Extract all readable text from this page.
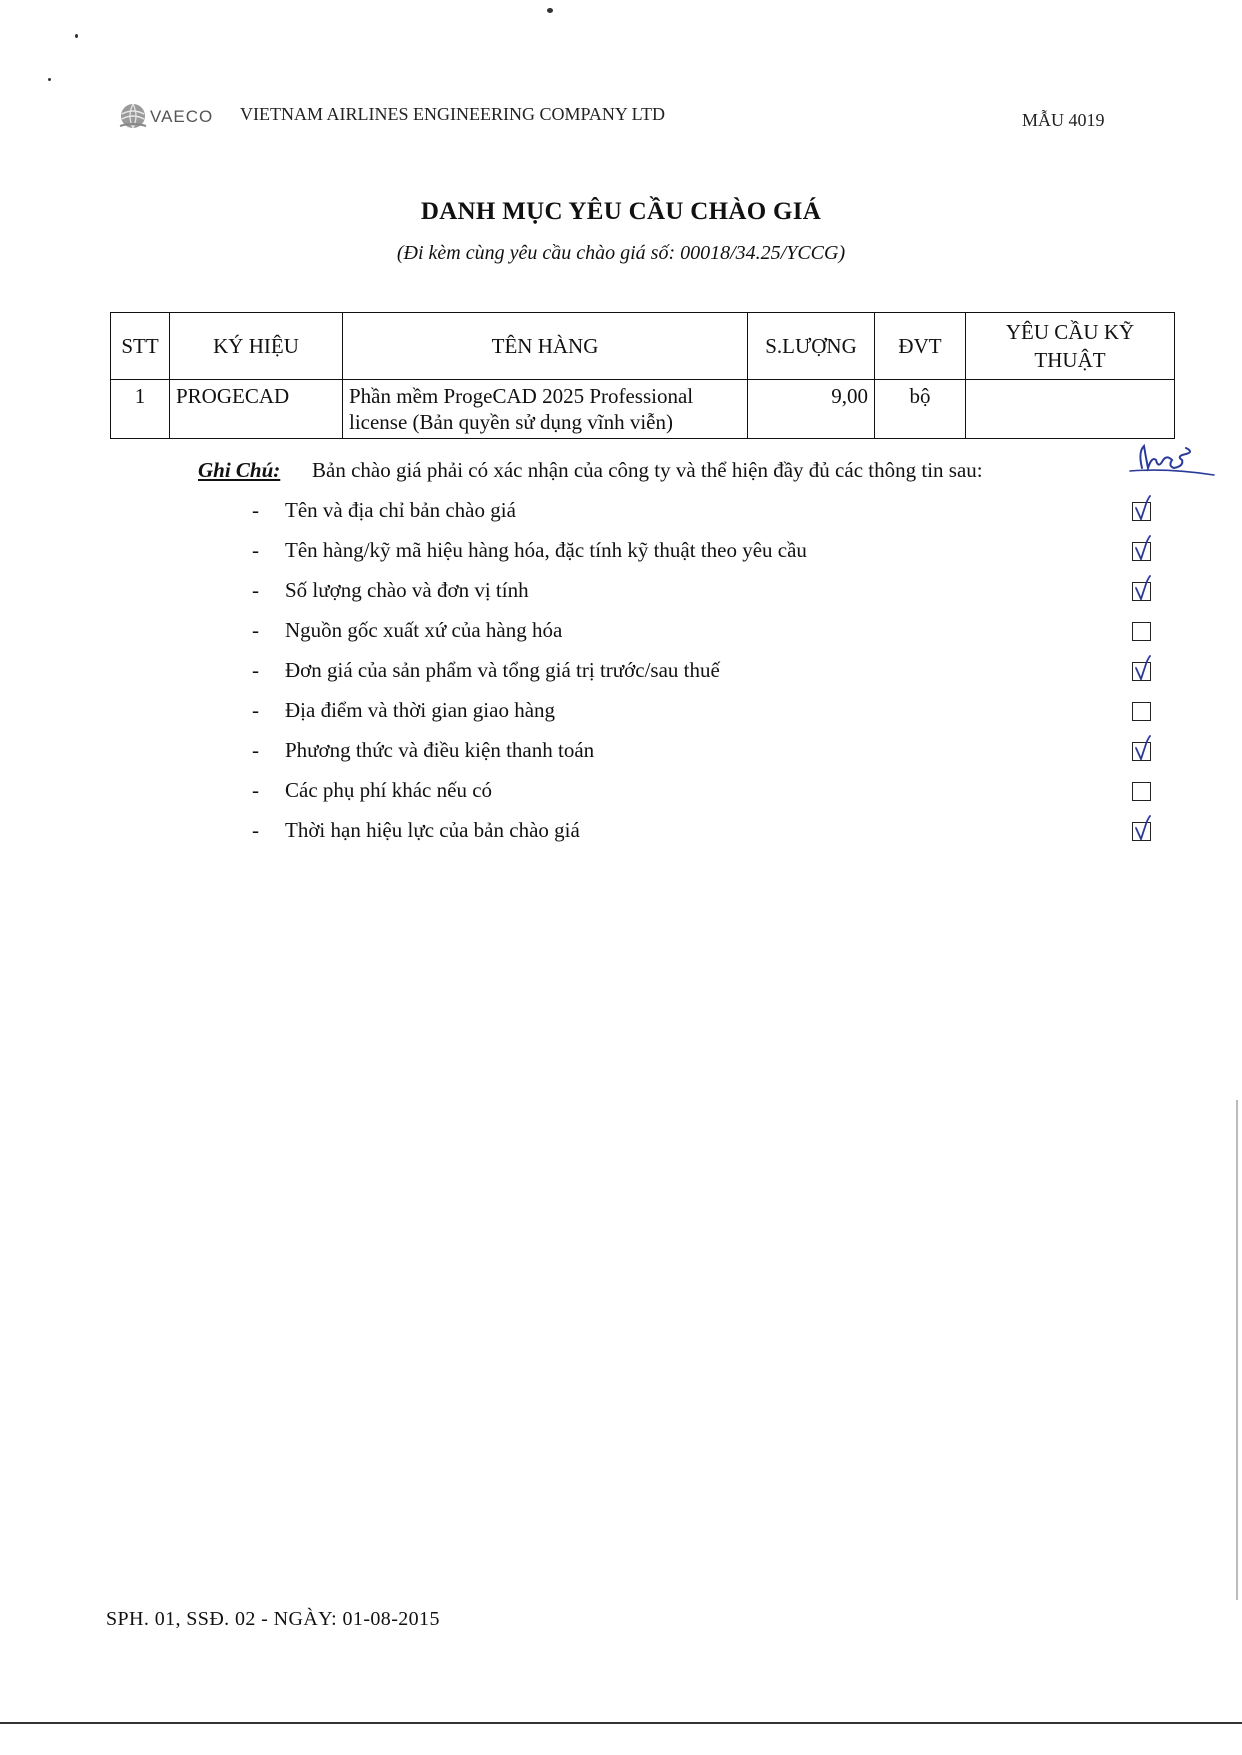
VAECO VIETNAM AIRLINES ENGINEERING COMPANY LTD	MẪU 4019
DANH MỤC YÊU CẦU CHÀO GIÁ
(Đi kèm cùng yêu cầu chào giá số: 00018/34.25/YCCG)
STT	KÝ HIỆU	TÊN HÀNG	S.LƯỢNG	ĐVT	YÊU CẦU KỸ
THUẬT
1	PROGECAD	Phần mềm ProgeCAD 2025 Professional
license (Bản quyền sử dụng vĩnh viễn)	9,00	bộ	
Ghi Chú: Bản chào giá phải có xác nhận của công ty và thể hiện đầy đủ các thông tin sau:
- Tên và địa chỉ bản chào giá
- Tên hàng/kỹ mã hiệu hàng hóa, đặc tính kỹ thuật theo yêu cầu
- Số lượng chào và đơn vị tính
- Nguồn gốc xuất xứ của hàng hóa
- Đơn giá của sản phẩm và tổng giá trị trước/sau thuế
- Địa điểm và thời gian giao hàng
- Phương thức và điều kiện thanh toán
- Các phụ phí khác nếu có
- Thời hạn hiệu lực của bản chào giá
SPH. 01, SSĐ. 02 - NGÀY: 01-08-2015
